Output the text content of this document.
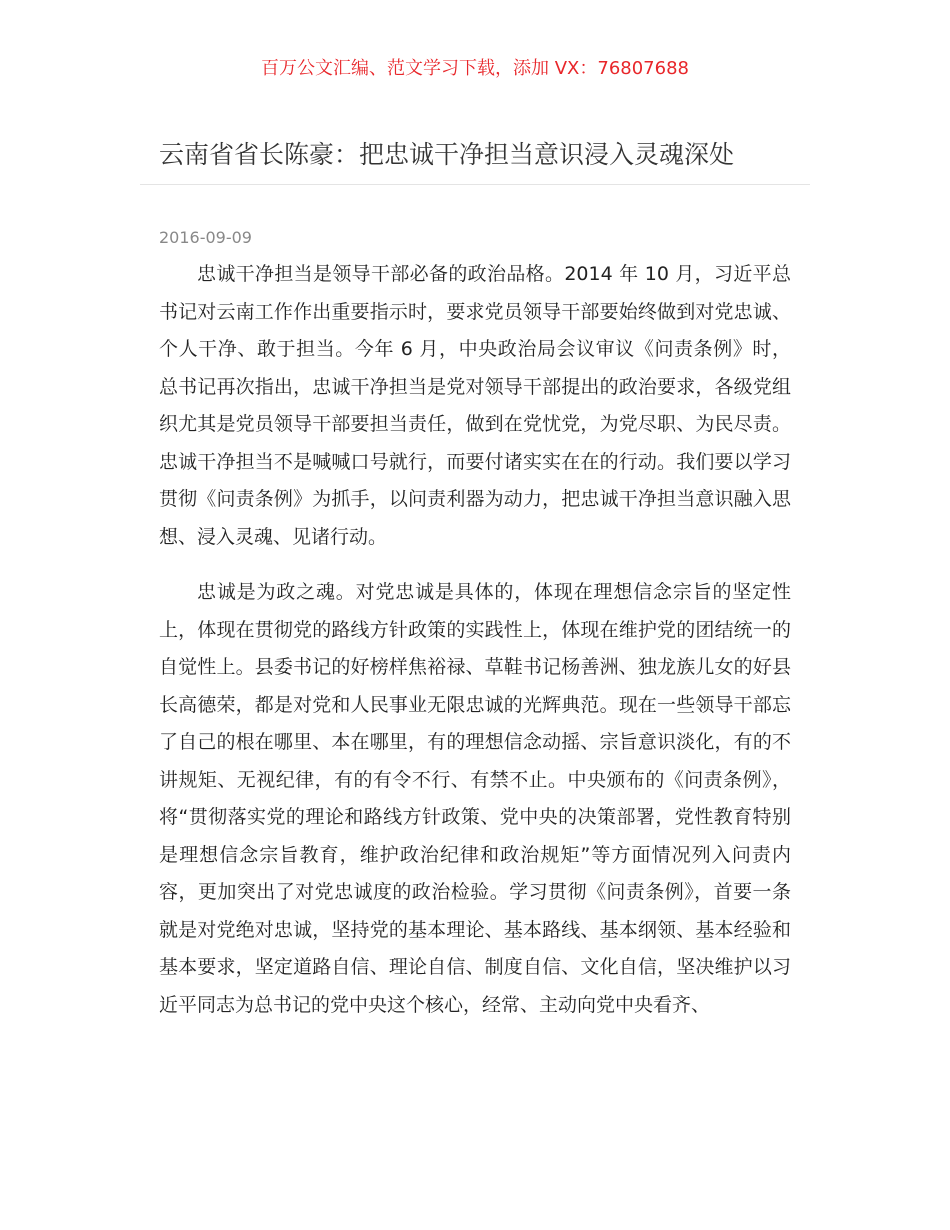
百万公文汇编、范文学习下载，添加 VX：76807688
云南省省长陈豪：把忠诚干净担当意识浸入灵魂深处
2016-09-09

忠诚干净担当是领导干部必备的政治品格。2014 年 10 月，习近平总书记对云南工作作出重要指示时，要求党员领导干部要始终做到对党忠诚、个人干净、敢于担当。今年 6 月，中央政治局会议审议《问责条例》时，总书记再次指出，忠诚干净担当是党对领导干部提出的政治要求，各级党组织尤其是党员领导干部要担当责任，做到在党忧党，为党尽职、为民尽责。忠诚干净担当不是喊喊口号就行，而要付诸实实在在的行动。我们要以学习贯彻《问责条例》为抓手，以问责利器为动力，把忠诚干净担当意识融入思想、浸入灵魂、见诸行动。

忠诚是为政之魂。对党忠诚是具体的，体现在理想信念宗旨的坚定性上，体现在贯彻党的路线方针政策的实践性上，体现在维护党的团结统一的自觉性上。县委书记的好榜样焦裕禄、草鞋书记杨善洲、独龙族儿女的好县长高德荣，都是对党和人民事业无限忠诚的光辉典范。现在一些领导干部忘了自己的根在哪里、本在哪里，有的理想信念动摇、宗旨意识淡化，有的不讲规矩、无视纪律，有的有令不行、有禁不止。中央颁布的《问责条例》，将“贯彻落实党的理论和路线方针政策、党中央的决策部署，党性教育特别是理想信念宗旨教育，维护政治纪律和政治规矩”等方面情况列入问责内容，更加突出了对党忠诚度的政治检验。学习贯彻《问责条例》，首要一条就是对党绝对忠诚，坚持党的基本理论、基本路线、基本纲领、基本经验和基本要求，坚定道路自信、理论自信、制度自信、文化自信，坚决维护以习近平同志为总书记的党中央这个核心，经常、主动向党中央看齐、
